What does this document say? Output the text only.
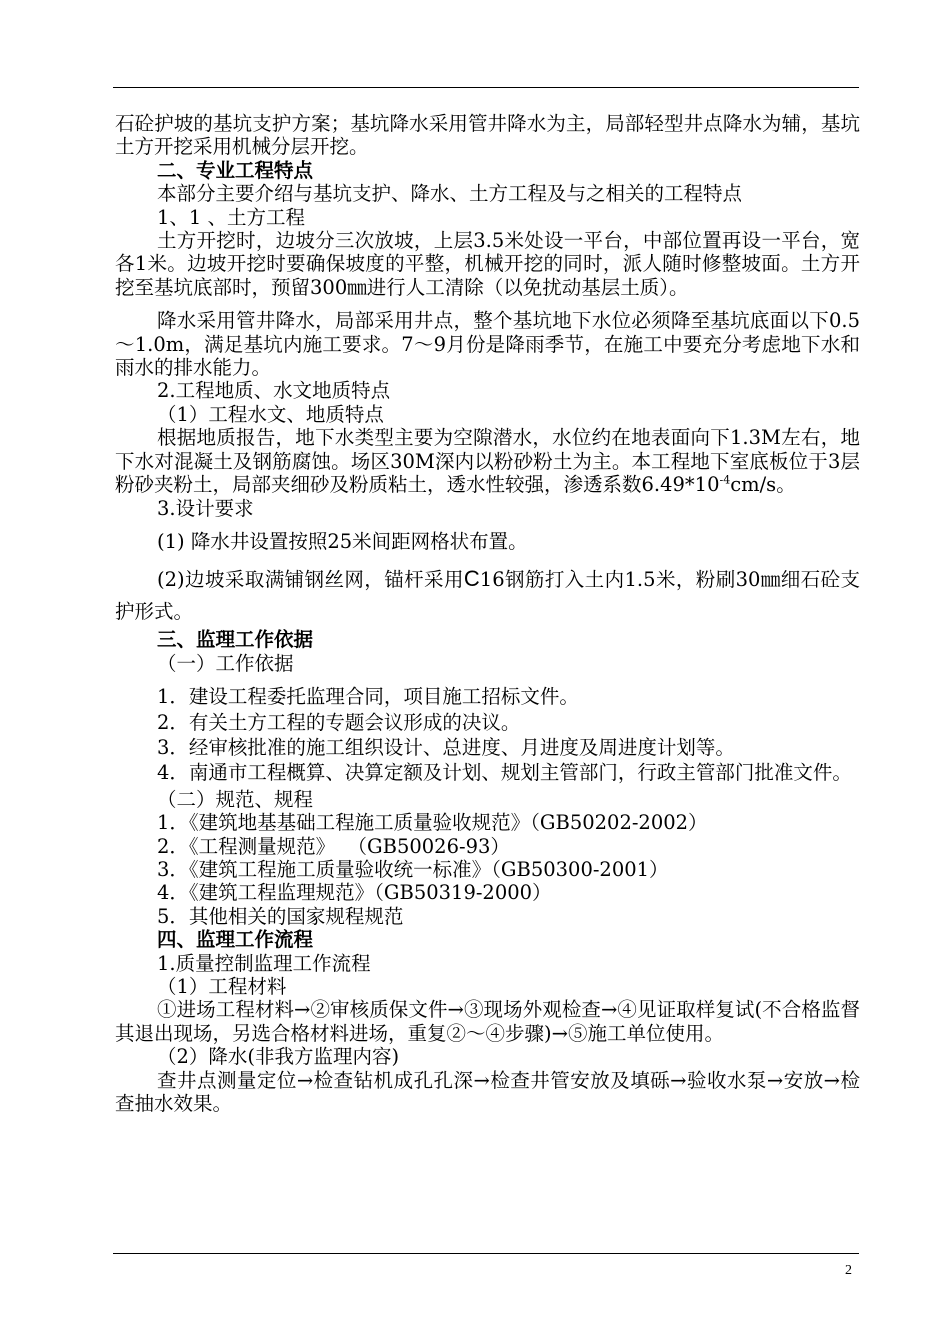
石砼护坡的基坑支护方案；基坑降水采用管井降水为主，局部轻型井点降水为辅，基坑土方开挖采用机械分层开挖。

二、专业工程特点

本部分主要介绍与基坑支护、降水、土方工程及与之相关的工程特点

1、1 、土方工程

土方开挖时，边坡分三次放坡，上层3.5米处设一平台，中部位置再设一平台，宽各1米。边坡开挖时要确保坡度的平整，机械开挖的同时，派人随时修整坡面。土方开挖至基坑底部时，预留300㎜进行人工清除（以免扰动基层土质）。

降水采用管井降水，局部采用井点，整个基坑地下水位必须降至基坑底面以下0.5～1.0m，满足基坑内施工要求。7～9月份是降雨季节，在施工中要充分考虑地下水和雨水的排水能力。

2.工程地质、水文地质特点

（1）工程水文、地质特点

根据地质报告，地下水类型主要为空隙潜水，水位约在地表面向下1.3M左右，地下水对混凝土及钢筋腐蚀。场区30M深内以粉砂粉土为主。本工程地下室底板位于3层粉砂夹粉土，局部夹细砂及粉质粘土，透水性较强，渗透系数$6.49*10^{-4}cm/s$。

3.设计要求

(1) 降水井设置按照25米间距网格状布置。

(2)边坡采取满铺钢丝网，锚杆采用C16钢筋打入土内1.5米，粉刷30㎜细石砼支护形式。

三、监理工作依据

（一）工作依据

1．建设工程委托监理合同，项目施工招标文件。

2．有关土方工程的专题会议形成的决议。

3．经审核批准的施工组织设计、总进度、月进度及周进度计划等。

4．南通市工程概算、决算定额及计划、规划主管部门，行政主管部门批准文件。

（二）规范、规程

1．《建筑地基基础工程施工质量验收规范》（GB50202-2002）

2．《工程测量规范》  （GB50026-93）

3．《建筑工程施工质量验收统一标准》（GB50300-2001）

4．《建筑工程监理规范》（GB50319-2000）

5．其他相关的国家规程规范

四、监理工作流程

1.质量控制监理工作流程

（1）工程材料

①进场工程材料→②审核质保文件→③现场外观检查→④见证取样复试(不合格监督其退出现场，另选合格材料进场，重复②～④步骤)→⑤施工单位使用。

（2）降水(非我方监理内容)

查井点测量定位→检查钻机成孔孔深→检查井管安放及填砾→验收水泵→安放→检查抽水效果。

2
